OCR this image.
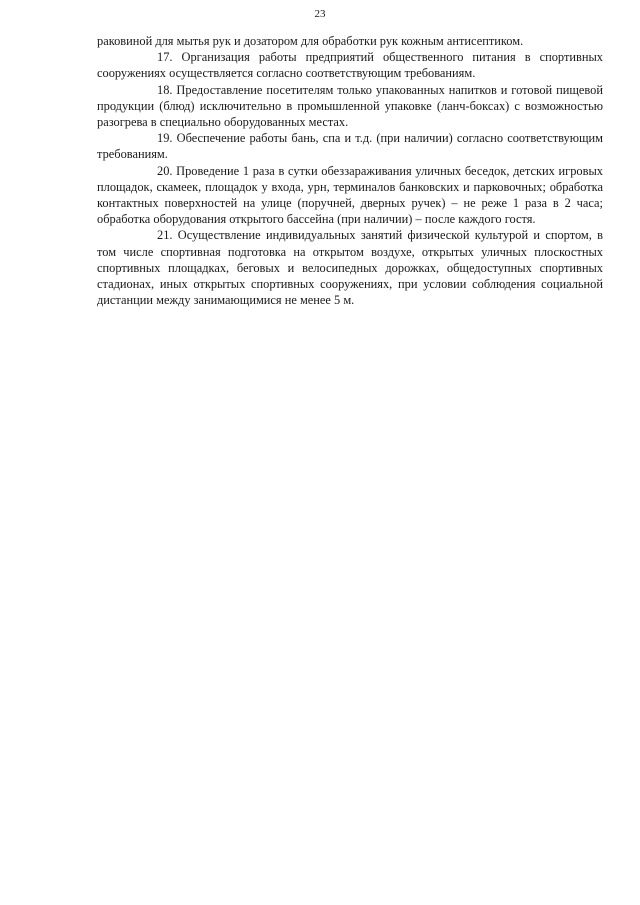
23

раковиной для мытья рук и дозатором для обработки рук кожным антисептиком.

17. Организация работы предприятий общественного питания в спортивных сооружениях осуществляется согласно соответствующим требованиям.

18. Предоставление посетителям только упакованных напитков и готовой пищевой продукции (блюд) исключительно в промышленной упаковке (ланч-боксах) с возможностью разогрева в специально оборудованных местах.

19. Обеспечение работы бань, спа и т.д. (при наличии) согласно соответствующим требованиям.

20. Проведение 1 раза в сутки обеззараживания уличных беседок, детских игровых площадок, скамеек, площадок у входа, урн, терминалов банковских и парковочных; обработка контактных поверхностей на улице (поручней, дверных ручек) – не реже 1 раза в 2 часа; обработка оборудования открытого бассейна (при наличии) – после каждого гостя.

21. Осуществление индивидуальных занятий физической культурой и спортом, в том числе спортивная подготовка на открытом воздухе, открытых уличных плоскостных спортивных площадках, беговых и велосипедных дорожках, общедоступных спортивных стадионах, иных открытых спортивных сооружениях, при условии соблюдения социальной дистанции между занимающимися не менее 5 м.
